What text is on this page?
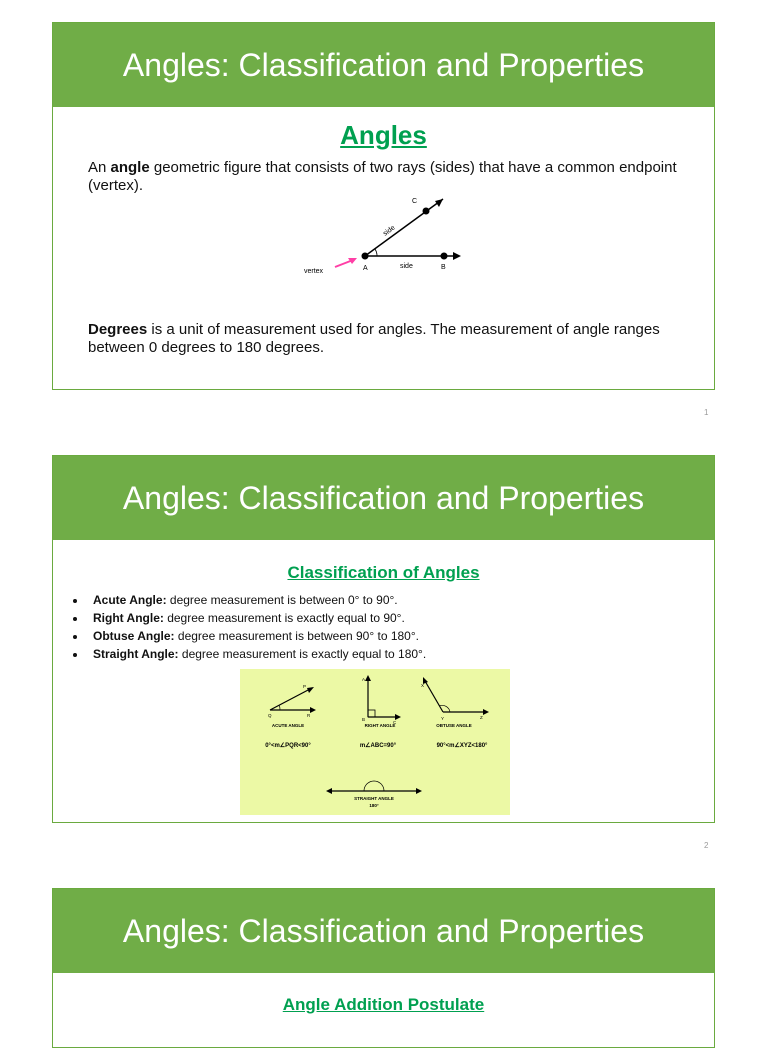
Angles: Classification and Properties
Angles
An angle geometric figure that consists of two rays (sides) that have a common endpoint (vertex).
C
side
vertex	A	side	B
Degrees is a unit of measurement used for angles. The measurement of angle ranges between 0 degrees to 180 degrees.
1
Angles: Classification and Properties
Classification of Angles
• Acute Angle: degree measurement is between 0° to 90°.
• Right Angle: degree measurement is exactly equal to 90°.
• Obtuse Angle: degree measurement is between 90° to 180°.
• Straight Angle: degree measurement is exactly equal to 180°.
P
Q	R
ACUTE ANGLE
0°<m∠PQR<90°
A
B
C
RIGHT ANGLE
m∠ABC=90°
X
Y	Z
OBTUSE ANGLE
90°<m∠XYZ<180°
STRAIGHT ANGLE
180°
2
Angles: Classification and Properties
Angle Addition Postulate
